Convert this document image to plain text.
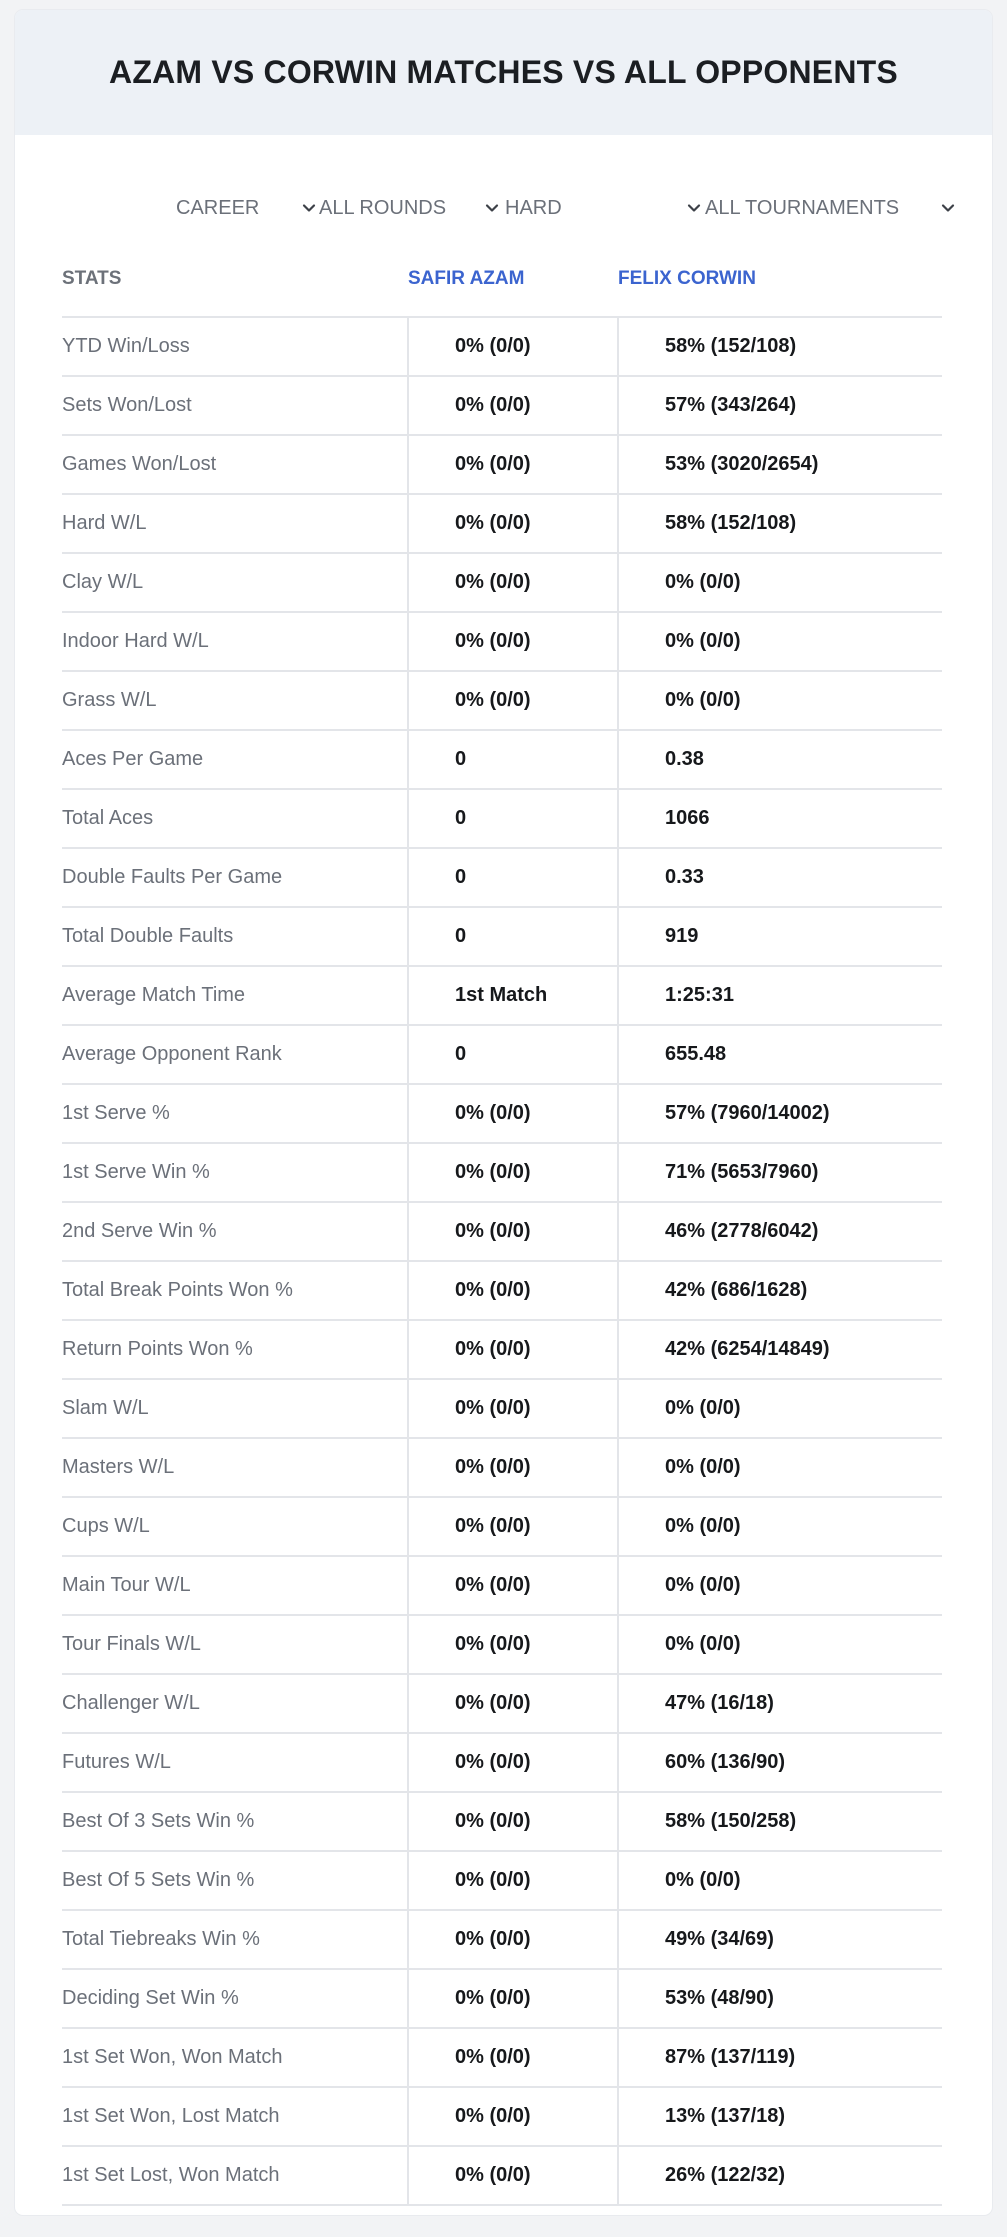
AZAM VS CORWIN MATCHES VS ALL OPPONENTS
CAREER	ALL ROUNDS	HARD	ALL TOURNAMENTS
STATS	SAFIR AZAM	FELIX CORWIN
YTD Win/Loss	0% (0/0)	58% (152/108)
Sets Won/Lost	0% (0/0)	57% (343/264)
Games Won/Lost	0% (0/0)	53% (3020/2654)
Hard W/L	0% (0/0)	58% (152/108)
Clay W/L	0% (0/0)	0% (0/0)
Indoor Hard W/L	0% (0/0)	0% (0/0)
Grass W/L	0% (0/0)	0% (0/0)
Aces Per Game	0	0.38
Total Aces	0	1066
Double Faults Per Game	0	0.33
Total Double Faults	0	919
Average Match Time	1st Match	1:25:31
Average Opponent Rank	0	655.48
1st Serve %	0% (0/0)	57% (7960/14002)
1st Serve Win %	0% (0/0)	71% (5653/7960)
2nd Serve Win %	0% (0/0)	46% (2778/6042)
Total Break Points Won %	0% (0/0)	42% (686/1628)
Return Points Won %	0% (0/0)	42% (6254/14849)
Slam W/L	0% (0/0)	0% (0/0)
Masters W/L	0% (0/0)	0% (0/0)
Cups W/L	0% (0/0)	0% (0/0)
Main Tour W/L	0% (0/0)	0% (0/0)
Tour Finals W/L	0% (0/0)	0% (0/0)
Challenger W/L	0% (0/0)	47% (16/18)
Futures W/L	0% (0/0)	60% (136/90)
Best Of 3 Sets Win %	0% (0/0)	58% (150/258)
Best Of 5 Sets Win %	0% (0/0)	0% (0/0)
Total Tiebreaks Win %	0% (0/0)	49% (34/69)
Deciding Set Win %	0% (0/0)	53% (48/90)
1st Set Won, Won Match	0% (0/0)	87% (137/119)
1st Set Won, Lost Match	0% (0/0)	13% (137/18)
1st Set Lost, Won Match	0% (0/0)	26% (122/32)
